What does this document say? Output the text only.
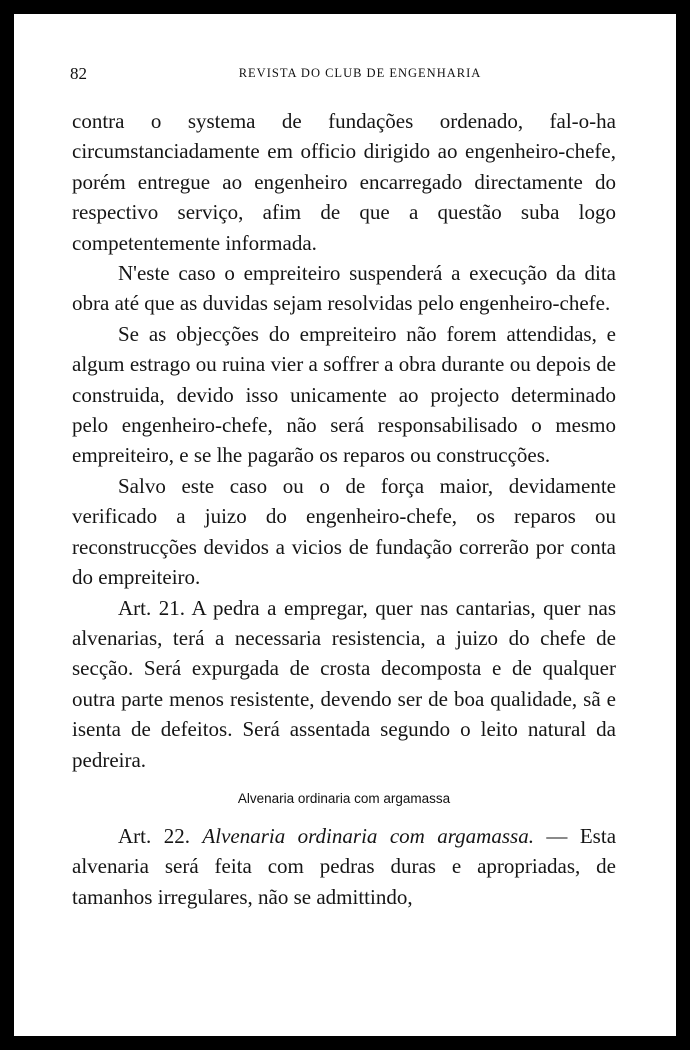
82	REVISTA DO CLUB DE ENGENHARIA

contra o systema de fundações ordenado, fal-o-ha circumstanciadamente em officio dirigido ao engenheiro-chefe, porém entregue ao engenheiro encarregado directamente do respectivo serviço, afim de que a questão suba logo competentemente informada.

N'este caso o empreiteiro suspenderá a execução da dita obra até que as duvidas sejam resolvidas pelo engenheiro-chefe.

Se as objecções do empreiteiro não forem attendidas, e algum estrago ou ruina vier a soffrer a obra durante ou depois de construida, devido isso unicamente ao projecto determinado pelo engenheiro-chefe, não será responsabilisado o mesmo empreiteiro, e se lhe pagarão os reparos ou construcções.

Salvo este caso ou o de força maior, devidamente verificado a juizo do engenheiro-chefe, os reparos ou reconstrucções devidos a vicios de fundação correrão por conta do empreiteiro.

Art. 21. A pedra a empregar, quer nas cantarias, quer nas alvenarias, terá a necessaria resistencia, a juizo do chefe de secção. Será expurgada de crosta decomposta e de qualquer outra parte menos resistente, devendo ser de boa qualidade, sã e isenta de defeitos. Será assentada segundo o leito natural da pedreira.

Alvenaria ordinaria com argamassa

Art. 22. Alvenaria ordinaria com argamassa. — Esta alvenaria será feita com pedras duras e apropriadas, de tamanhos irregulares, não se admittindo,
